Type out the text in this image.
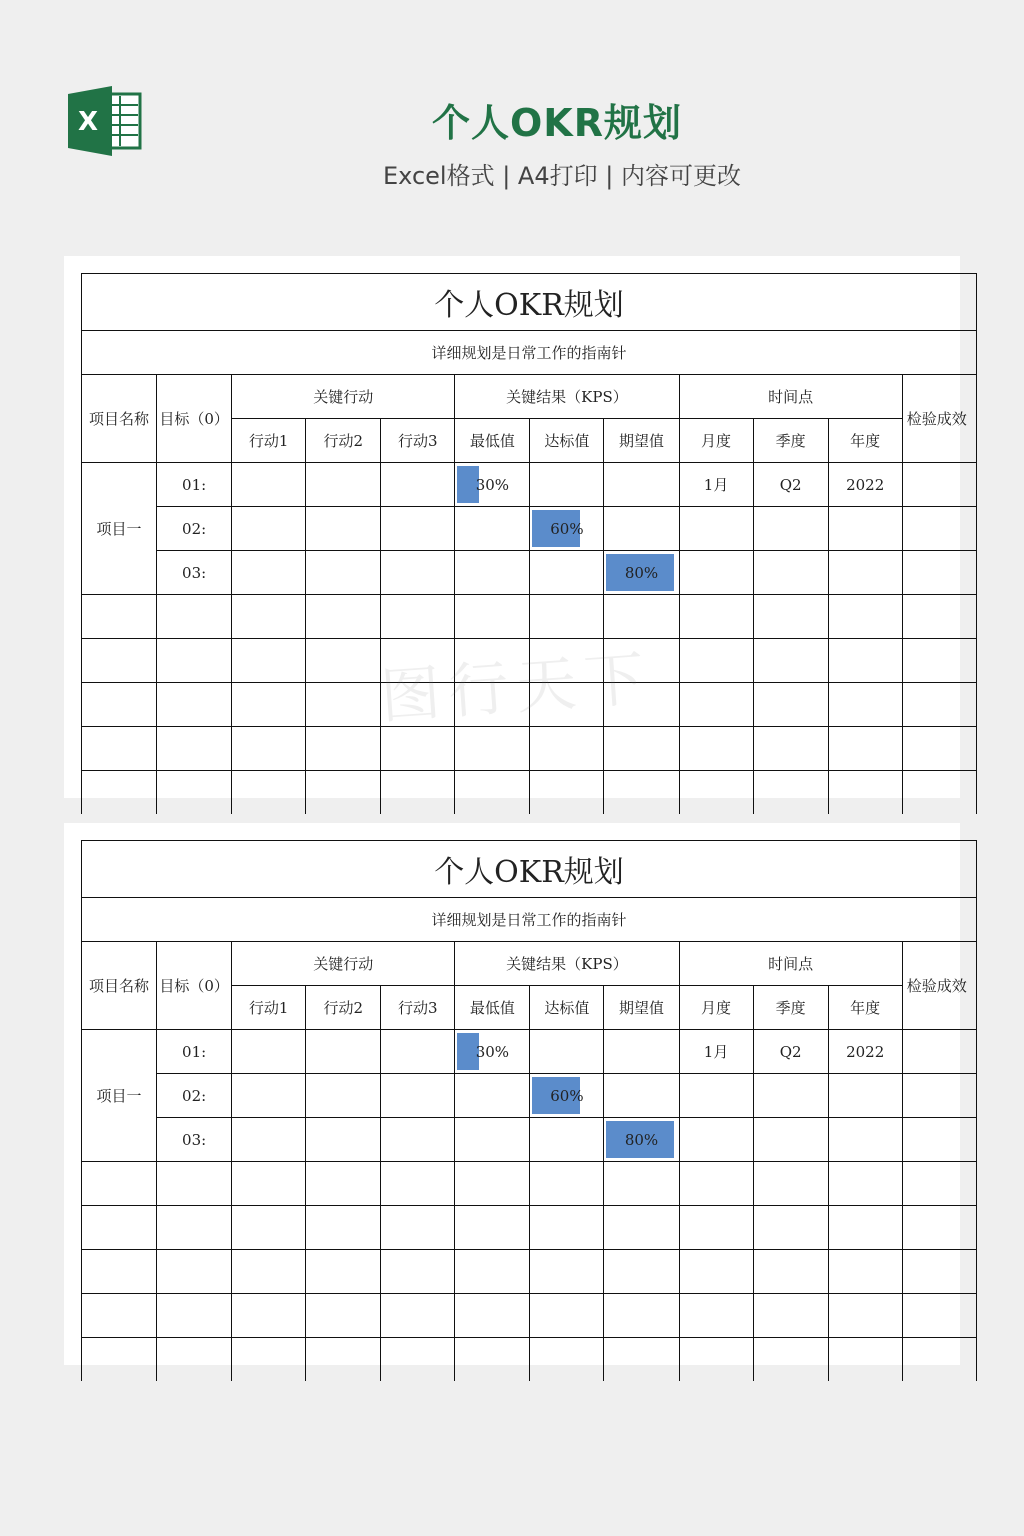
X	个人OKR规划
Excel格式 | A4打印 | 内容可更改
个人OKR规划											
详细规划是日常工作的指南针											
项目名称	目标（0）	关键行动			关键结果（KPS）			时间点			检验成效
		行动1	行动2	行动3	最低值	达标值	期望值	月度	季度	年度	
项目一	01:				30%			1月	Q2	2022	
	02:					60%					
	03:						80%				

个人OKR规划											
详细规划是日常工作的指南针											
项目名称	目标（0）	关键行动			关键结果（KPS）			时间点			检验成效
		行动1	行动2	行动3	最低值	达标值	期望值	月度	季度	年度	
项目一	01:				30%			1月	Q2	2022	
	02:					60%					
	03:						80%				
